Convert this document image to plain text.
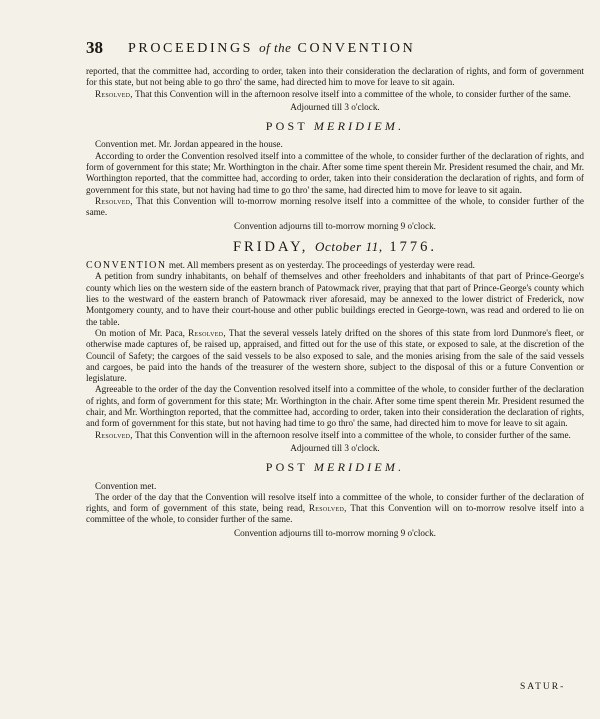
38 PROCEEDINGS of the CONVENTION

reported, that the committee had, according to order, taken into their consideration the declaration of rights, and form of government for this state, but not being able to go thro' the same, had directed him to move for leave to sit again.

Resolved, That this Convention will in the afternoon resolve itself into a committee of the whole, to consider further of the same.

Adjourned till 3 o'clock.

POST MERIDIEM.

Convention met. Mr. Jordan appeared in the house.

According to order the Convention resolved itself into a committee of the whole, to consider further of the declaration of rights, and form of government for this state; Mr. Worthington in the chair. After some time spent therein Mr. President resumed the chair, and Mr. Worthington reported, that the committee had, according to order, taken into their consideration the declaration of rights, and form of government for this state, but not having had time to go thro' the same, had directed him to move for leave to sit again.

Resolved, That this Convention will to-morrow morning resolve itself into a committee of the whole, to consider further of the same.

Convention adjourns till to-morrow morning 9 o'clock.

FRIDAY, October 11, 1776.

CONVENTION met. All members present as on yesterday. The proceedings of yesterday were read.

A petition from sundry inhabitants, on behalf of themselves and other freeholders and inhabitants of that part of Prince-George's county which lies on the western side of the eastern branch of Patowmack river, praying that that part of Prince-George's county which lies to the westward of the eastern branch of Patowmack river aforesaid, may be annexed to the lower district of Frederick, now Montgomery county, and to have their court-house and other public buildings erected in George-town, was read and ordered to lie on the table.

On motion of Mr. Paca, Resolved, That the several vessels lately drifted on the shores of this state from lord Dunmore's fleet, or otherwise made captures of, be raised up, appraised, and fitted out for the use of this state, or exposed to sale, at the discretion of the Council of Safety; the cargoes of the said vessels to be also exposed to sale, and the monies arising from the sale of the said vessels and cargoes, be paid into the hands of the treasurer of the western shore, subject to the disposal of this or a future Convention or legislature.

Agreeable to the order of the day the Convention resolved itself into a committee of the whole, to consider further of the declaration of rights, and form of government for this state; Mr. Worthington in the chair. After some time spent therein Mr. President resumed the chair, and Mr. Worthington reported, that the committee had, according to order, taken into their consideration the declaration of rights, and form of government for this state, but not having had time to go thro' the same, had directed him to move for leave to sit again.

Resolved, That this Convention will in the afternoon resolve itself into a committee of the whole, to consider further of the same.

Adjourned till 3 o'clock.

POST MERIDIEM.

Convention met.

The order of the day that the Convention will resolve itself into a committee of the whole, to consider further of the declaration of rights, and form of government of this state, being read, Resolved, That this Convention will on to-morrow resolve itself into a committee of the whole, to consider further of the same.

Convention adjourns till to-morrow morning 9 o'clock.

SATUR-
